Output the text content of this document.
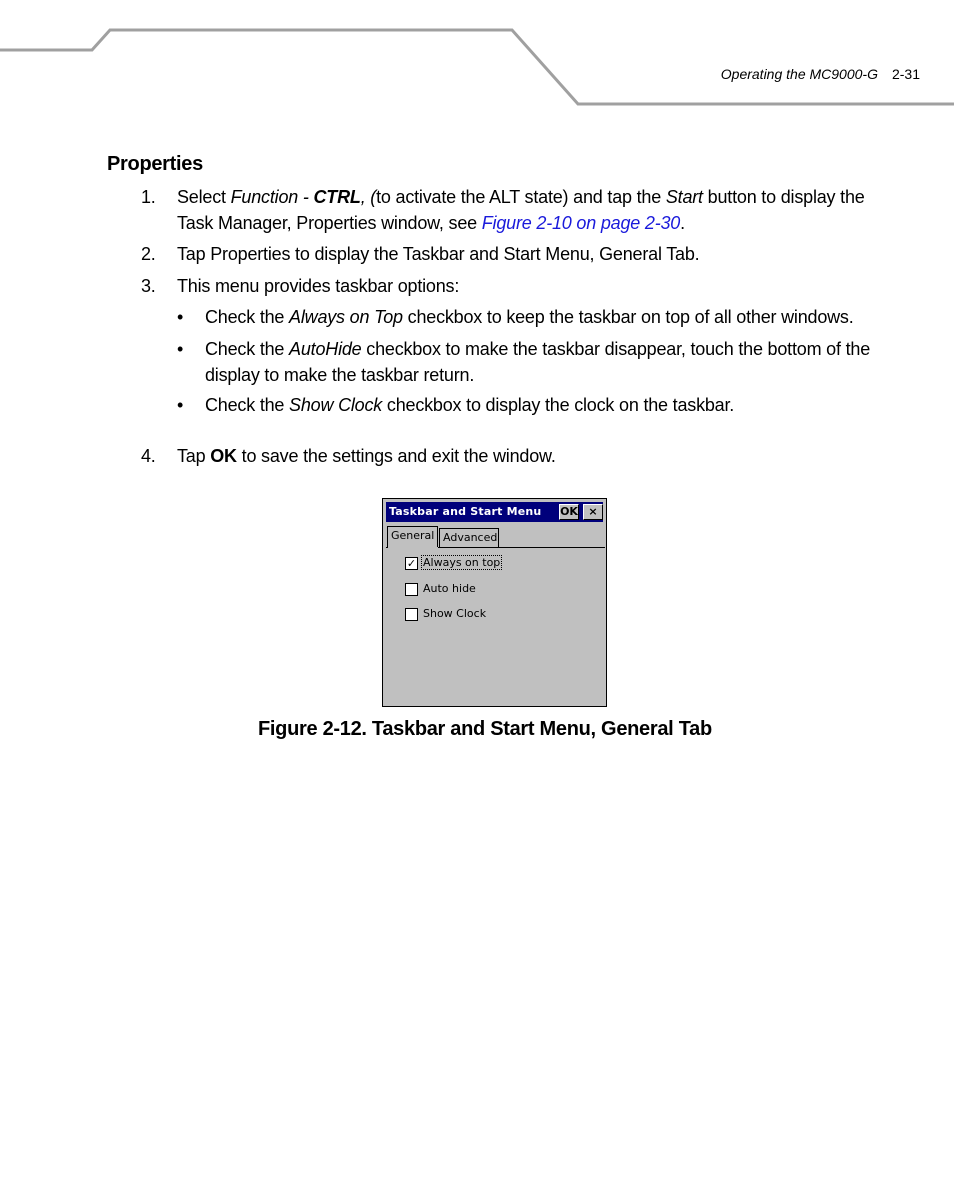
Operating the MC9000-G 2-31
Properties
1. Select Function - CTRL, (to activate the ALT state) and tap the Start button to display the Task Manager, Properties window, see Figure 2-10 on page 2-30.
2. Tap Properties to display the Taskbar and Start Menu, General Tab.
3. This menu provides taskbar options:
• Check the Always on Top checkbox to keep the taskbar on top of all other windows.
• Check the AutoHide checkbox to make the taskbar disappear, touch the bottom of the display to make the taskbar return.
• Check the Show Clock checkbox to display the clock on the taskbar.
4. Tap OK to save the settings and exit the window.
Taskbar and Start Menu OK ×
General Advanced
✓ Always on top
Auto hide
Show Clock

Figure 2-12. Taskbar and Start Menu, General Tab
